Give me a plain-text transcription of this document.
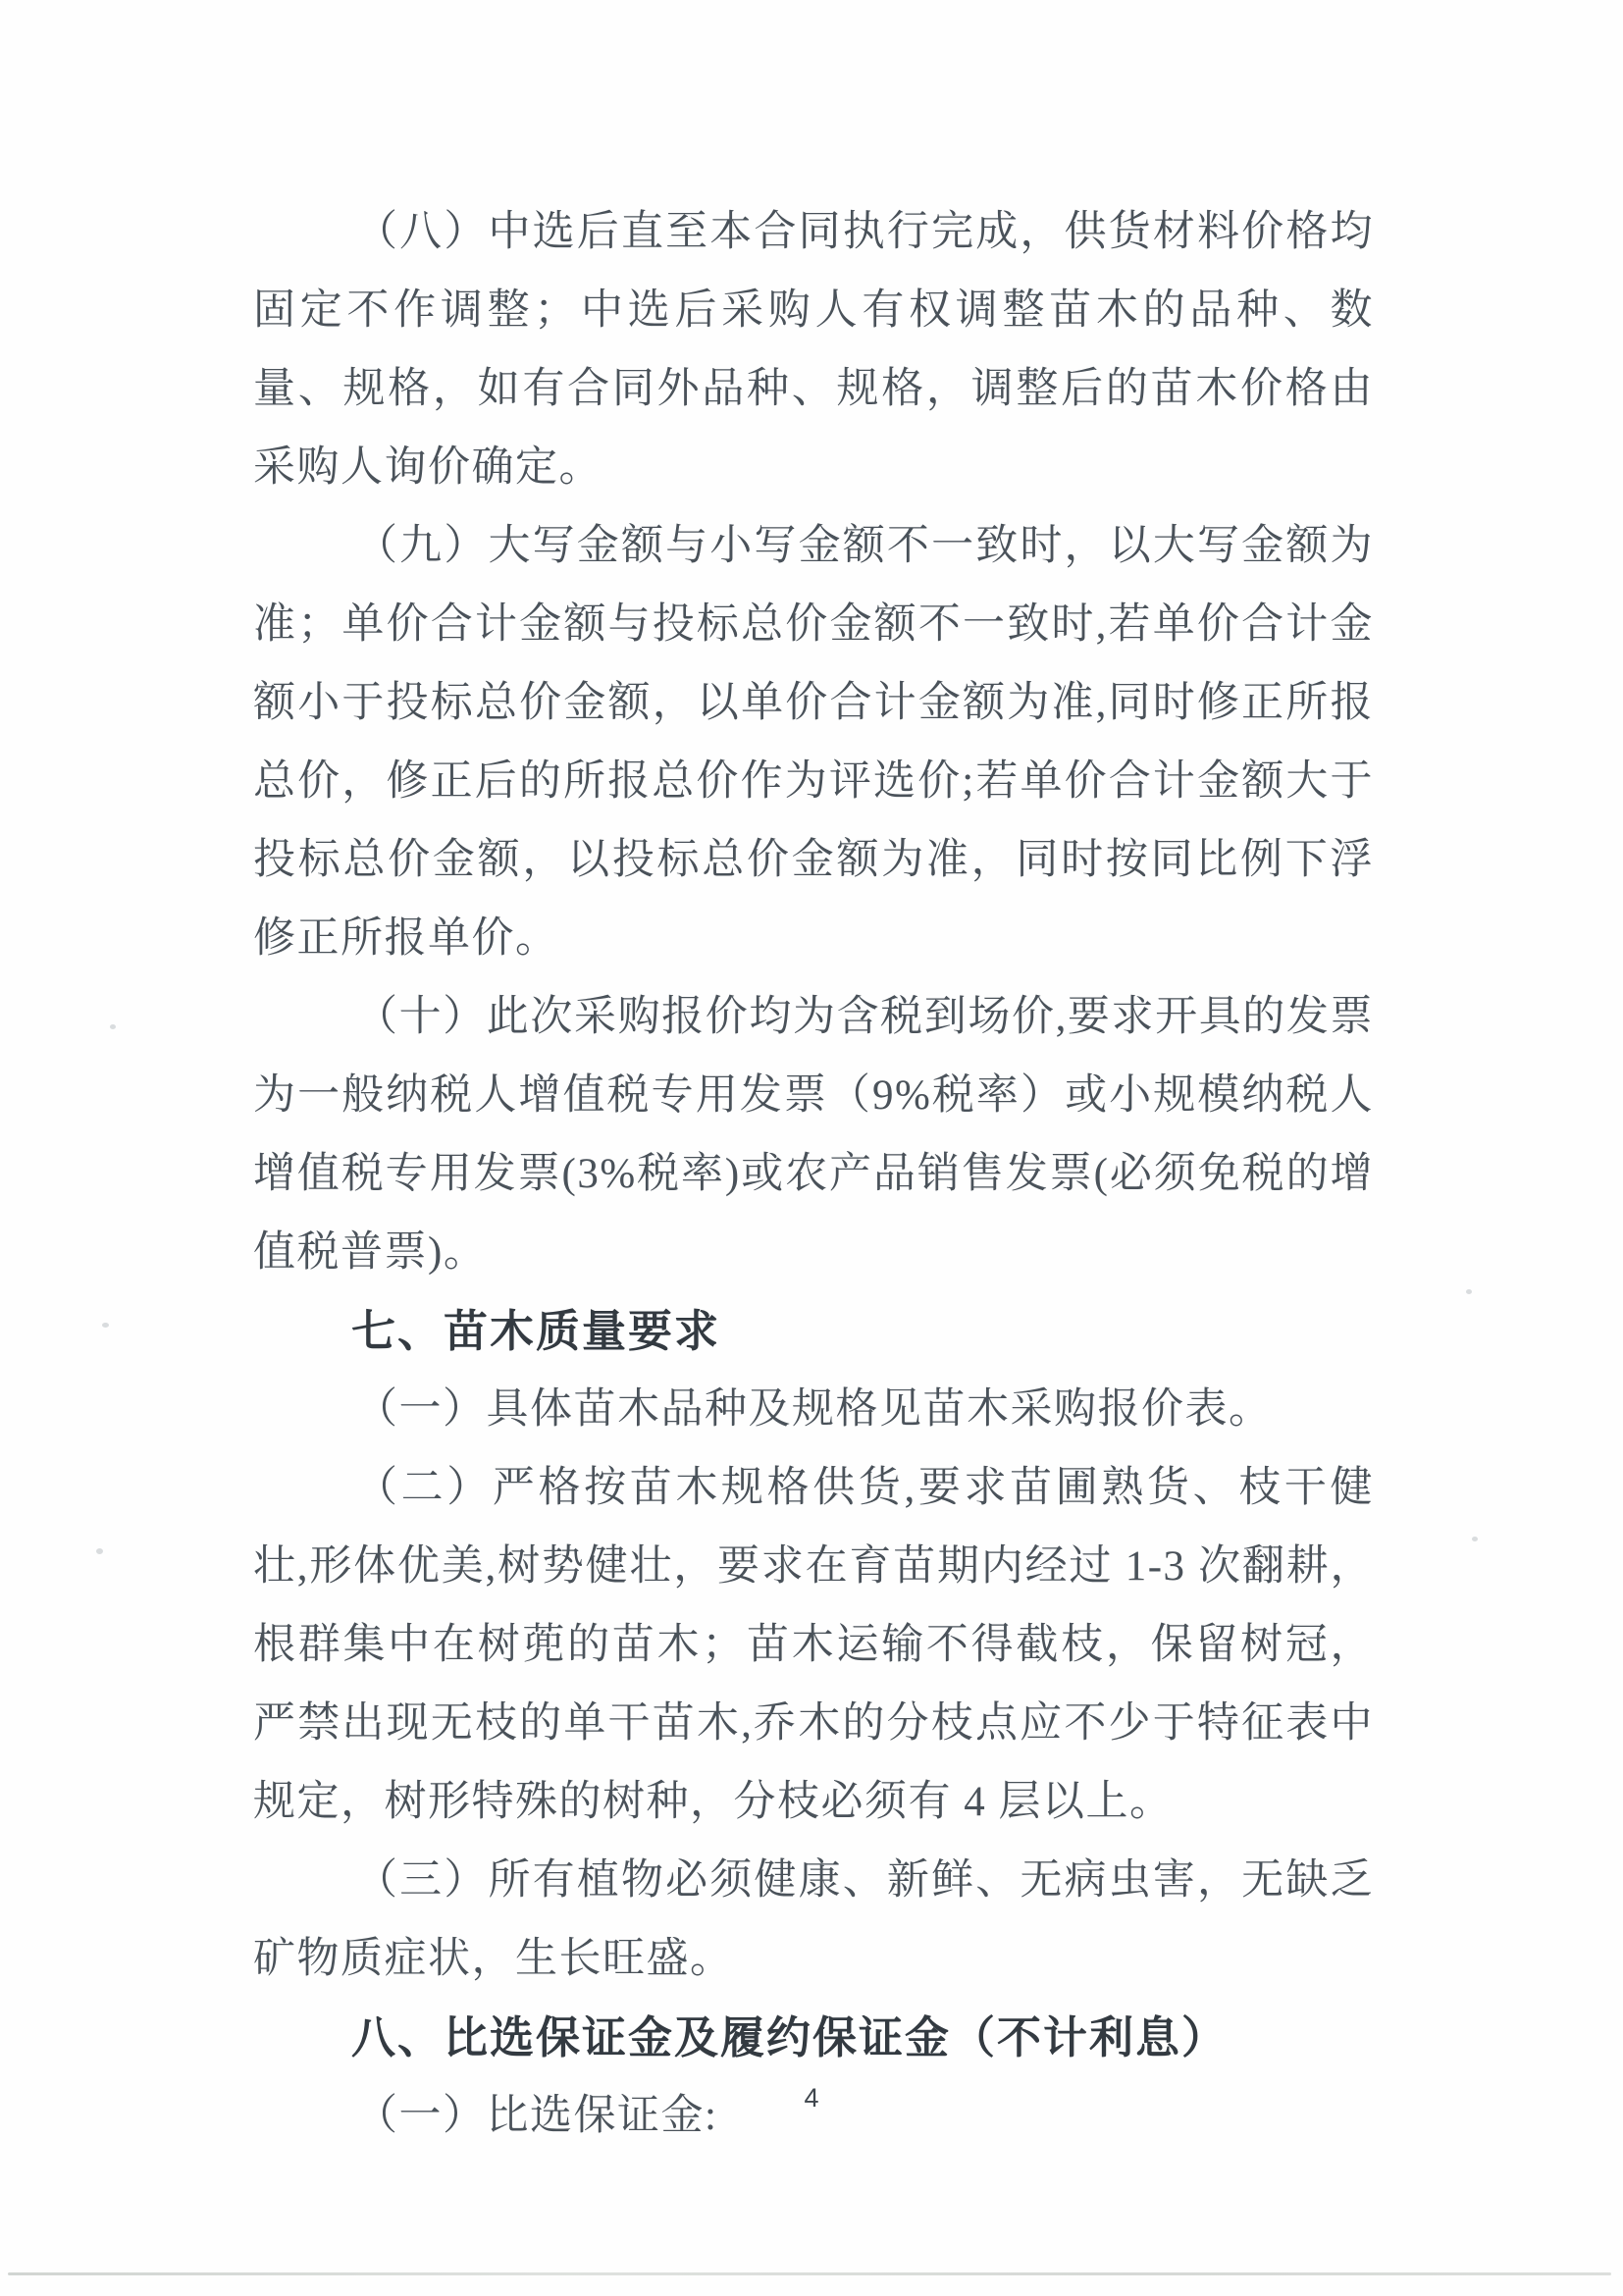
（八）中选后直至本合同执行完成，供货材料价格均固定不作调整；中选后采购人有权调整苗木的品种、数量、规格，如有合同外品种、规格，调整后的苗木价格由采购人询价确定。

（九）大写金额与小写金额不一致时，以大写金额为准；单价合计金额与投标总价金额不一致时,若单价合计金额小于投标总价金额，以单价合计金额为准,同时修正所报总价，修正后的所报总价作为评选价;若单价合计金额大于投标总价金额，以投标总价金额为准，同时按同比例下浮修正所报单价。

（十）此次采购报价均为含税到场价,要求开具的发票为一般纳税人增值税专用发票（9%税率）或小规模纳税人增值税专用发票(3%税率)或农产品销售发票(必须免税的增值税普票)。

七、苗木质量要求

（一）具体苗木品种及规格见苗木采购报价表。

（二）严格按苗木规格供货,要求苗圃熟货、枝干健壮,形体优美,树势健壮，要求在育苗期内经过 1-3 次翻耕，根群集中在树蔸的苗木；苗木运输不得截枝，保留树冠，严禁出现无枝的单干苗木,乔木的分枝点应不少于特征表中规定，树形特殊的树种，分枝必须有 4 层以上。

（三）所有植物必须健康、新鲜、无病虫害，无缺乏矿物质症状，生长旺盛。

八、比选保证金及履约保证金（不计利息）

（一）比选保证金:	4
